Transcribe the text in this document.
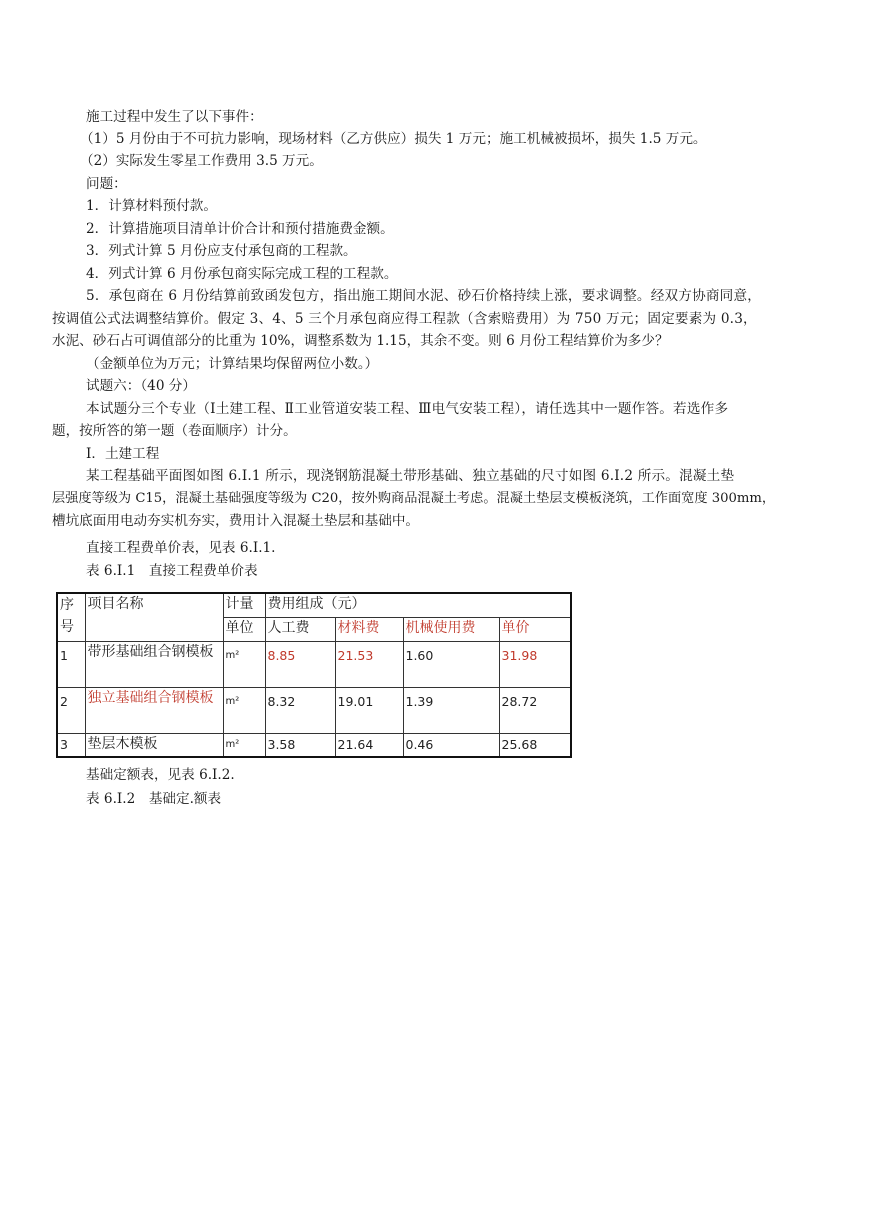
施工过程中发生了以下事件：
（1）5 月份由于不可抗力影响，现场材料（乙方供应）损失 1 万元；施工机械被损坏，损失 1.5 万元。
（2）实际发生零星工作费用 3.5 万元。
问题：
1．计算材料预付款。
2．计算措施项目清单计价合计和预付措施费金额。
3．列式计算 5 月份应支付承包商的工程款。
4．列式计算 6 月份承包商实际完成工程的工程款。
5．承包商在 6 月份结算前致函发包方，指出施工期间水泥、砂石价格持续上涨，要求调整。经双方协商同意，
按调值公式法调整结算价。假定 3、4、5 三个月承包商应得工程款（含索赔费用）为 750 万元；固定要素为 0.3，
水泥、砂石占可调值部分的比重为 10%，调整系数为 1.15，其余不变。则 6 月份工程结算价为多少？
（金额单位为万元；计算结果均保留两位小数。）
试题六：（40 分）
本试题分三个专业（Ⅰ土建工程、Ⅱ工业管道安装工程、Ⅲ电气安装工程），请任选其中一题作答。若选作多
题，按所答的第一题（卷面顺序）计分。
Ⅰ．土建工程
某工程基础平面图如图 6.Ⅰ.1 所示，现浇钢筋混凝土带形基础、独立基础的尺寸如图 6.Ⅰ.2 所示。混凝土垫
层强度等级为 C15，混凝土基础强度等级为 C20，按外购商品混凝土考虑。混凝土垫层支模板浇筑，工作面宽度 300mm，
槽坑底面用电动夯实机夯实，费用计入混凝土垫层和基础中。
直接工程费单价表，见表 6.Ⅰ.1.
表 6.Ⅰ.1　直接工程费单价表
序号	项目名称	计量	费用组成（元）			
		单位	人工费	材料费	机械使用费	单价
1	带形基础组合钢模板	m²	8.85	21.53	1.60	31.98
2	独立基础组合钢模板	m²	8.32	19.01	1.39	28.72
3	垫层木模板	m²	3.58	21.64	0.46	25.68
基础定额表，见表 6.Ⅰ.2.
表 6.Ⅰ.2　基础定.额表
